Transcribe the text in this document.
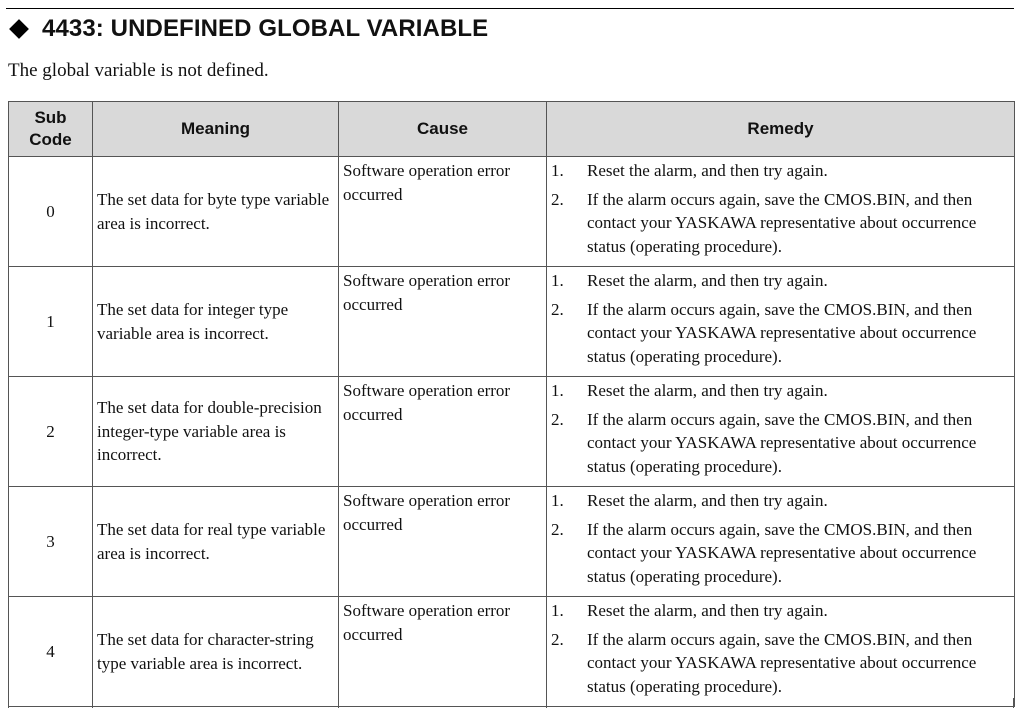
4433: UNDEFINED GLOBAL VARIABLE
The global variable is not defined.
Sub
Code	Meaning	Cause	Remedy
0	The set data for byte type variable area is incorrect.	Software operation error occurred	1. Reset the alarm, and then try again.
2. If the alarm occurs again, save the CMOS.BIN, and then contact your YASKAWA representative about occurrence status (operating procedure).

1	The set data for integer type variable area is incorrect.	Software operation error occurred	1. Reset the alarm, and then try again.
2. If the alarm occurs again, save the CMOS.BIN, and then contact your YASKAWA representative about occurrence status (operating procedure).

2	The set data for double-precision integer-type variable area is incorrect.	Software operation error occurred	1. Reset the alarm, and then try again.
2. If the alarm occurs again, save the CMOS.BIN, and then contact your YASKAWA representative about occurrence status (operating procedure).

3	The set data for real type variable area is incorrect.	Software operation error occurred	1. Reset the alarm, and then try again.
2. If the alarm occurs again, save the CMOS.BIN, and then contact your YASKAWA representative about occurrence status (operating procedure).

4	The set data for character-string type variable area is incorrect.	Software operation error occurred	1. Reset the alarm, and then try again.
2. If the alarm occurs again, save the CMOS.BIN, and then contact your YASKAWA representative about occurrence status (operating procedure).
